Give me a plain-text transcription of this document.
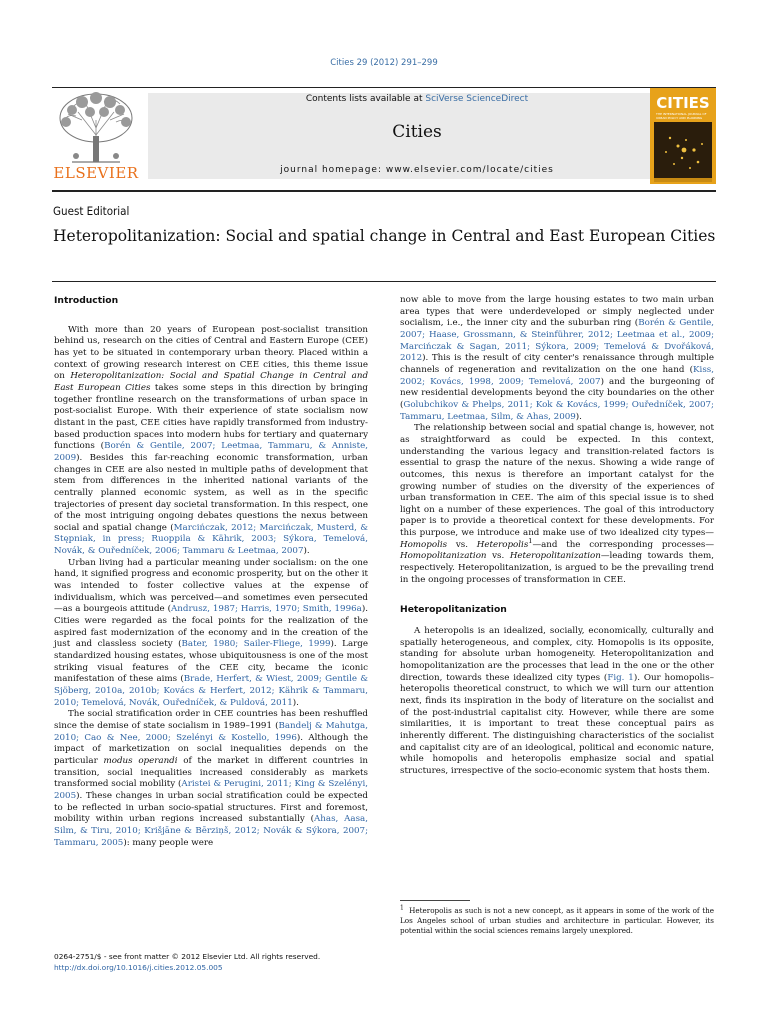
Cities 29 (2012) 291–299
ELSEVIER
Contents lists available at SciVerse ScienceDirect
Cities
journal homepage: www.elsevier.com/locate/cities
CITIES
THE INTERNATIONAL JOURNAL OF URBAN POLICY AND PLANNING
Guest Editorial
Heteropolitanization: Social and spatial change in Central and East European Cities
Introduction

With more than 20 years of European post-socialist transition behind us, research on the cities of Central and Eastern Europe (CEE) has yet to be situated in contemporary urban theory. Placed within a context of growing research interest on CEE cities, this theme issue on Heteropolitanization: Social and Spatial Change in Central and East European Cities takes some steps in this direction by bringing together frontline research on the transformations of urban space in post-socialist Europe. With their experience of state socialism now distant in the past, CEE cities have rapidly transformed from industry-based production spaces into modern hubs for tertiary and quaternary functions (Borén & Gentile, 2007; Leetmaa, Tammaru, & Anniste, 2009). Besides this far-reaching economic transformation, urban changes in CEE are also nested in multiple paths of development that stem from differences in the inherited national variants of the centrally planned economic system, as well as in the specific trajectories of present day societal transformation. In this respect, one of the most intriguing ongoing debates questions the nexus between social and spatial change (Marcińczak, 2012; Marcińczak, Musterd, & Stępniak, in press; Ruoppila & Kährik, 2003; Sýkora, Temelová, Novák, & Ouředníček, 2006; Tammaru & Leetmaa, 2007).

Urban living had a particular meaning under socialism: on the one hand, it signified progress and economic prosperity, but on the other it was intended to foster collective values at the expense of individualism, which was perceived—and sometimes even persecuted—as a bourgeois attitude (Andrusz, 1987; Harris, 1970; Smith, 1996a). Cities were regarded as the focal points for the realization of the aspired fast modernization of the economy and in the creation of the just and classless society (Bater, 1980; Sailer-Fliege, 1999). Large standardized housing estates, whose ubiquitousness is one of the most striking visual features of the CEE city, became the iconic manifestation of these aims (Brade, Herfert, & Wiest, 2009; Gentile & Sjöberg, 2010a, 2010b; Kovács & Herfert, 2012; Kährik & Tammaru, 2010; Temelová, Novák, Ouředníček, & Puldová, 2011).

The social stratification order in CEE countries has been reshuffled since the demise of state socialism in 1989–1991 (Bandelj & Mahutga, 2010; Cao & Nee, 2000; Szelényi & Kostello, 1996). Although the impact of marketization on social inequalities depends on the particular modus operandi of the market in different countries in transition, social inequalities increased considerably as markets transformed social mobility (Aristei & Perugini, 2011; King & Szelényi, 2005). These changes in urban social stratification could be expected to be reflected in urban socio-spatial structures. First and foremost, mobility within urban regions increased substantially (Ahas, Aasa, Silm, & Tiru, 2010; Krišjāne & Bērziņš, 2012; Novák & Sýkora, 2007; Tammaru, 2005): many people were

now able to move from the large housing estates to two main urban area types that were underdeveloped or simply neglected under socialism, i.e., the inner city and the suburban ring (Borén & Gentile, 2007; Haase, Grossmann, & Steinführer, 2012; Leetmaa et al., 2009; Marcińczak & Sagan, 2011; Sýkora, 2009; Temelová & Dvořáková, 2012). This is the result of city center's renaissance through multiple channels of regeneration and revitalization on the one hand (Kiss, 2002; Kovács, 1998, 2009; Temelová, 2007) and the burgeoning of new residential developments beyond the city boundaries on the other (Golubchikov & Phelps, 2011; Kok & Kovács, 1999; Ouředníček, 2007; Tammaru, Leetmaa, Silm, & Ahas, 2009).

The relationship between social and spatial change is, however, not as straightforward as could be expected. In this context, understanding the various legacy and transition-related factors is essential to grasp the nature of the nexus. Showing a wide range of outcomes, this nexus is therefore an important catalyst for the growing number of studies on the diversity of the experiences of urban transformation in CEE. The aim of this special issue is to shed light on a number of these experiences. The goal of this introductory paper is to provide a theoretical context for these developments. For this purpose, we introduce and make use of two idealized city types—Homopolis vs. Heteropolis$^1$—and the corresponding processes—Homopolitanization vs. Heteropolitanization—leading towards them, respectively. Heteropolitanization, is argued to be the prevailing trend in the ongoing processes of transformation in CEE.

Heteropolitanization

A heteropolis is an idealized, socially, economically, culturally and spatially heterogeneous, and complex, city. Homopolis is its opposite, standing for absolute urban homogeneity. Heteropolitanization and homopolitanization are the processes that lead in the one or the other direction, towards these idealized city types (Fig. 1). Our homopolis–heteropolis theoretical construct, to which we will turn our attention next, finds its inspiration in the body of literature on the socialist and of the post-industrial capitalist city. However, while there are some similarities, it is important to treat these conceptual pairs as inherently different. The distinguishing characteristics of the socialist and capitalist city are of an ideological, political and economic nature, while homopolis and heteropolis emphasize social and spatial structures, irrespective of the socio-economic system that hosts them.

$^1$ Heteropolis as such is not a new concept, as it appears in some of the work of the Los Angeles school of urban studies and architecture in particular. However, its potential within the social sciences remains largely unexplored.
0264-2751/$ - see front matter © 2012 Elsevier Ltd. All rights reserved.
http://dx.doi.org/10.1016/j.cities.2012.05.005
